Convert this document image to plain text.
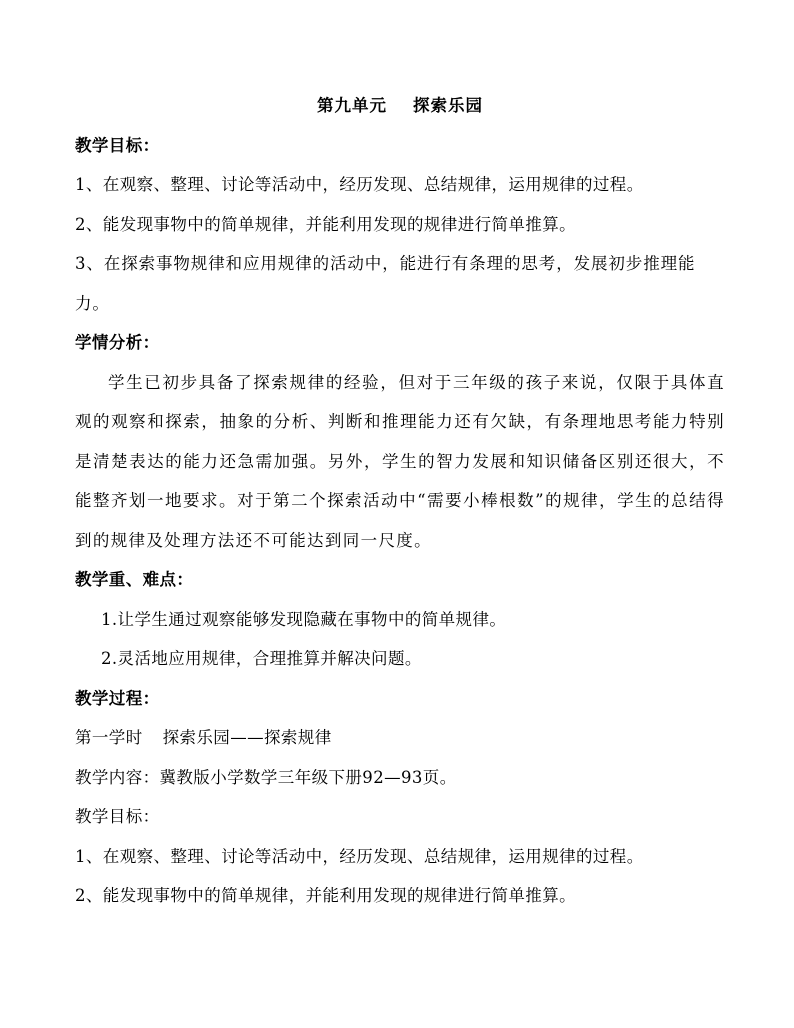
第九单元 探索乐园
教学目标：
1、在观察、整理、讨论等活动中，经历发现、总结规律，运用规律的过程。
2、能发现事物中的简单规律，并能利用发现的规律进行简单推算。
3、在探索事物规律和应用规律的活动中，能进行有条理的思考，发展初步推理能力。
学情分析：
学生已初步具备了探索规律的经验，但对于三年级的孩子来说，仅限于具体直观的观察和探索，抽象的分析、判断和推理能力还有欠缺，有条理地思考能力特别是清楚表达的能力还急需加强。另外，学生的智力发展和知识储备区别还很大，不能整齐划一地要求。对于第二个探索活动中“需要小棒根数”的规律，学生的总结得到的规律及处理方法还不可能达到同一尺度。
教学重、难点：
1.让学生通过观察能够发现隐藏在事物中的简单规律。
2.灵活地应用规律，合理推算并解决问题。
教学过程：
第一学时 探索乐园——探索规律
教学内容：冀教版小学数学三年级下册92—93页。
教学目标：
1、在观察、整理、讨论等活动中，经历发现、总结规律，运用规律的过程。
2、能发现事物中的简单规律，并能利用发现的规律进行简单推算。
